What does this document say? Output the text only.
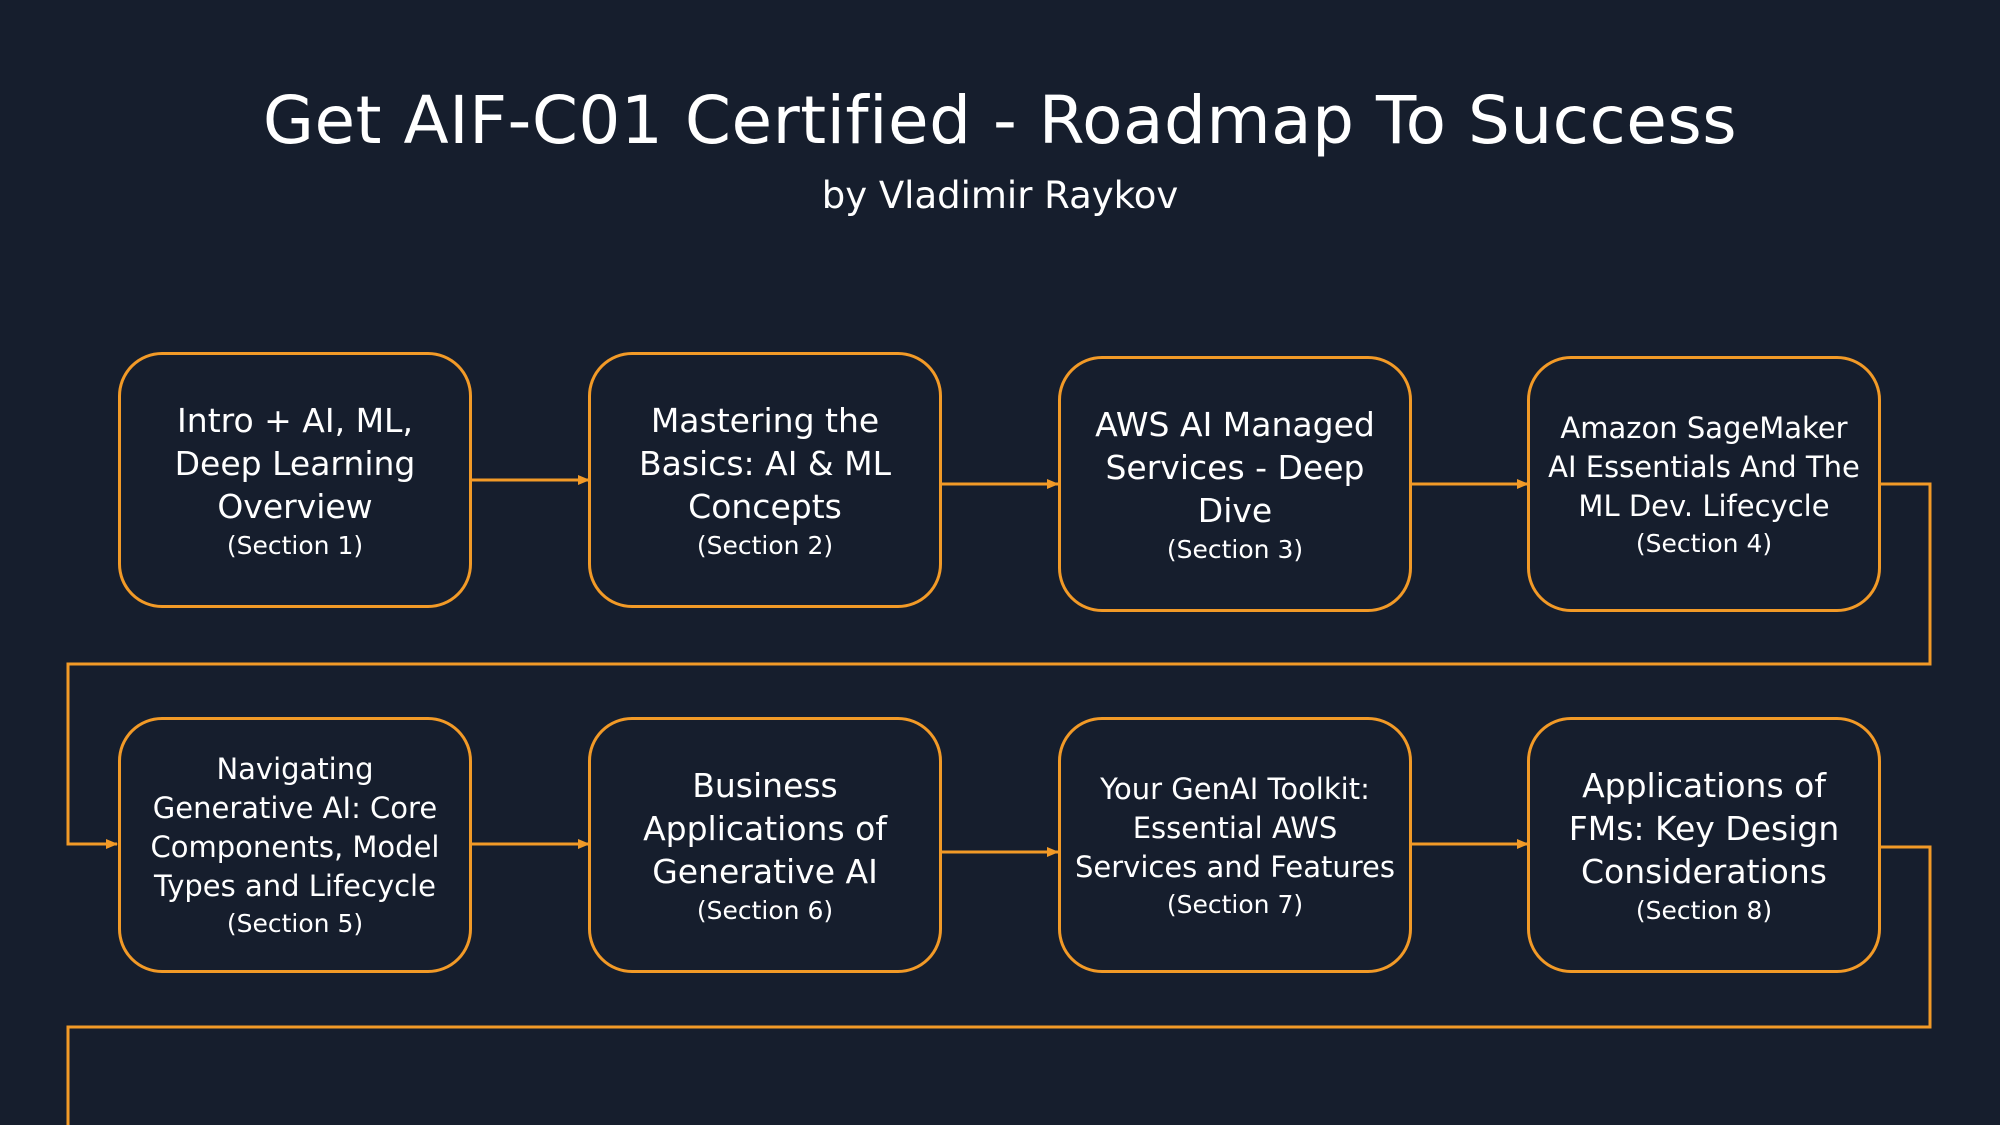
Get AIF-C01 Certified - Roadmap To Success
by Vladimir Raykov
Intro + AI, ML, Deep Learning Overview
(Section 1)
Mastering the Basics: AI & ML Concepts
(Section 2)
AWS AI Managed Services - Deep Dive
(Section 3)
Amazon SageMaker AI Essentials And The ML Dev. Lifecycle
(Section 4)
Navigating Generative AI: Core Components, Model Types and Lifecycle
(Section 5)
Business Applications of Generative AI
(Section 6)
Your GenAI Toolkit: Essential AWS Services and Features
(Section 7)
Applications of FMs: Key Design Considerations
(Section 8)
